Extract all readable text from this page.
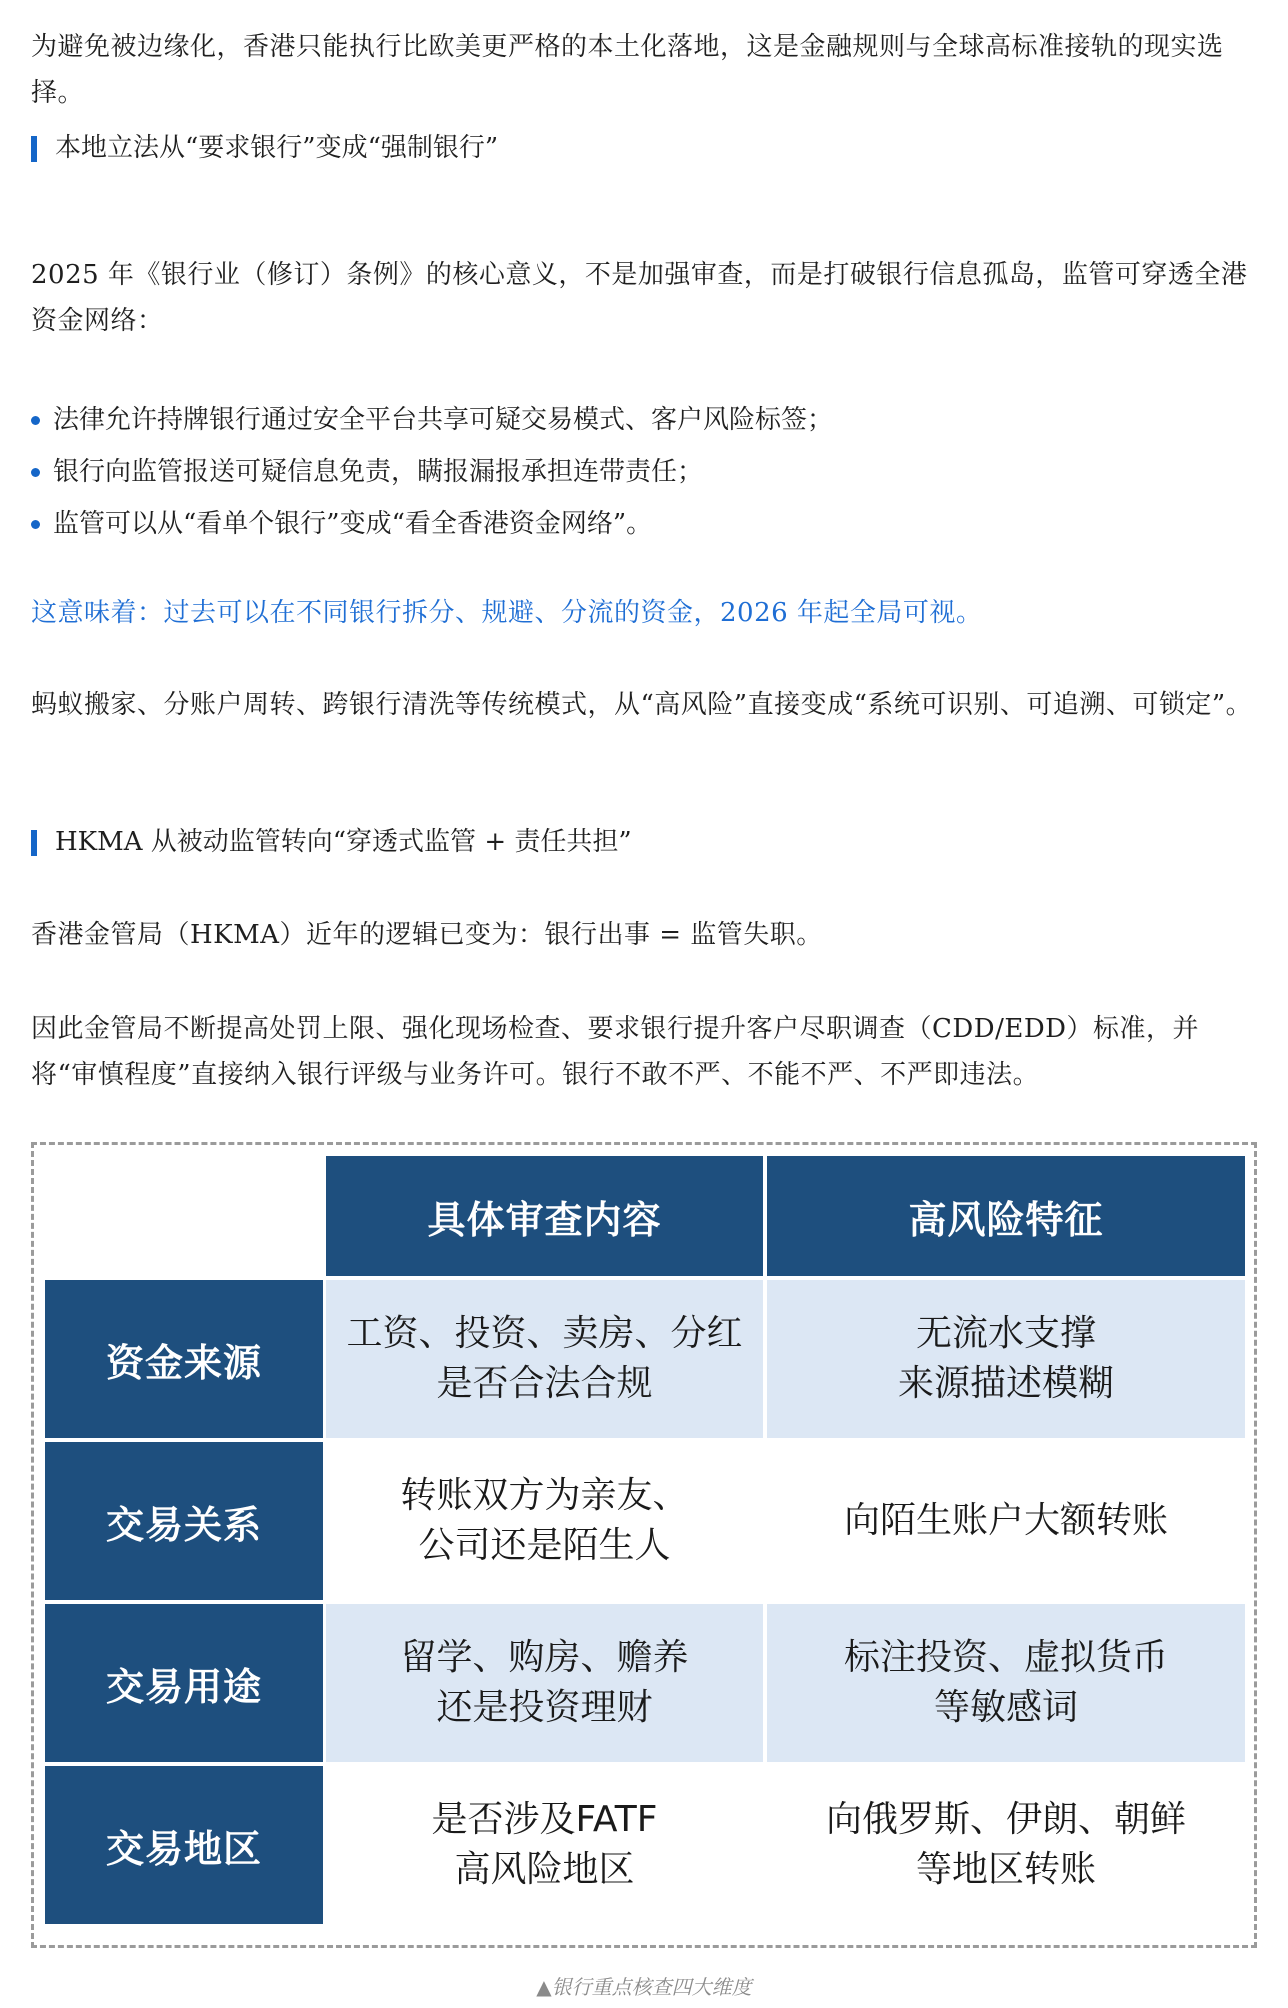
为避免被边缘化，香港只能执行比欧美更严格的本土化落地，这是金融规则与全球高标准接轨的现实选择。

本地立法从“要求银行”变成“强制银行”

2025 年《银行业（修订）条例》的核心意义，不是加强审查，而是打破银行信息孤岛，监管可穿透全港资金网络：

法律允许持牌银行通过安全平台共享可疑交易模式、客户风险标签；
银行向监管报送可疑信息免责，瞒报漏报承担连带责任；
监管可以从“看单个银行”变成“看全香港资金网络”。

这意味着：过去可以在不同银行拆分、规避、分流的资金，2026 年起全局可视。

蚂蚁搬家、分账户周转、跨银行清洗等传统模式，从“高风险”直接变成“系统可识别、可追溯、可锁定”。

HKMA 从被动监管转向“穿透式监管 + 责任共担”

香港金管局（HKMA）近年的逻辑已变为：银行出事 = 监管失职。

因此金管局不断提高处罚上限、强化现场检查、要求银行提升客户尽职调查（CDD/EDD）标准，并将“审慎程度”直接纳入银行评级与业务许可。银行不敢不严、不能不严、不严即违法。

具体审查内容	高风险特征
资金来源
工资、投资、卖房、分红
是否合法合规
无流水支撑
来源描述模糊
交易关系
转账双方为亲友、
公司还是陌生人
向陌生账户大额转账
交易用途
留学、购房、赡养
还是投资理财
标注投资、虚拟货币
等敏感词
交易地区
是否涉及FATF
高风险地区
向俄罗斯、伊朗、朝鲜
等地区转账
▲银行重点核查四大维度
